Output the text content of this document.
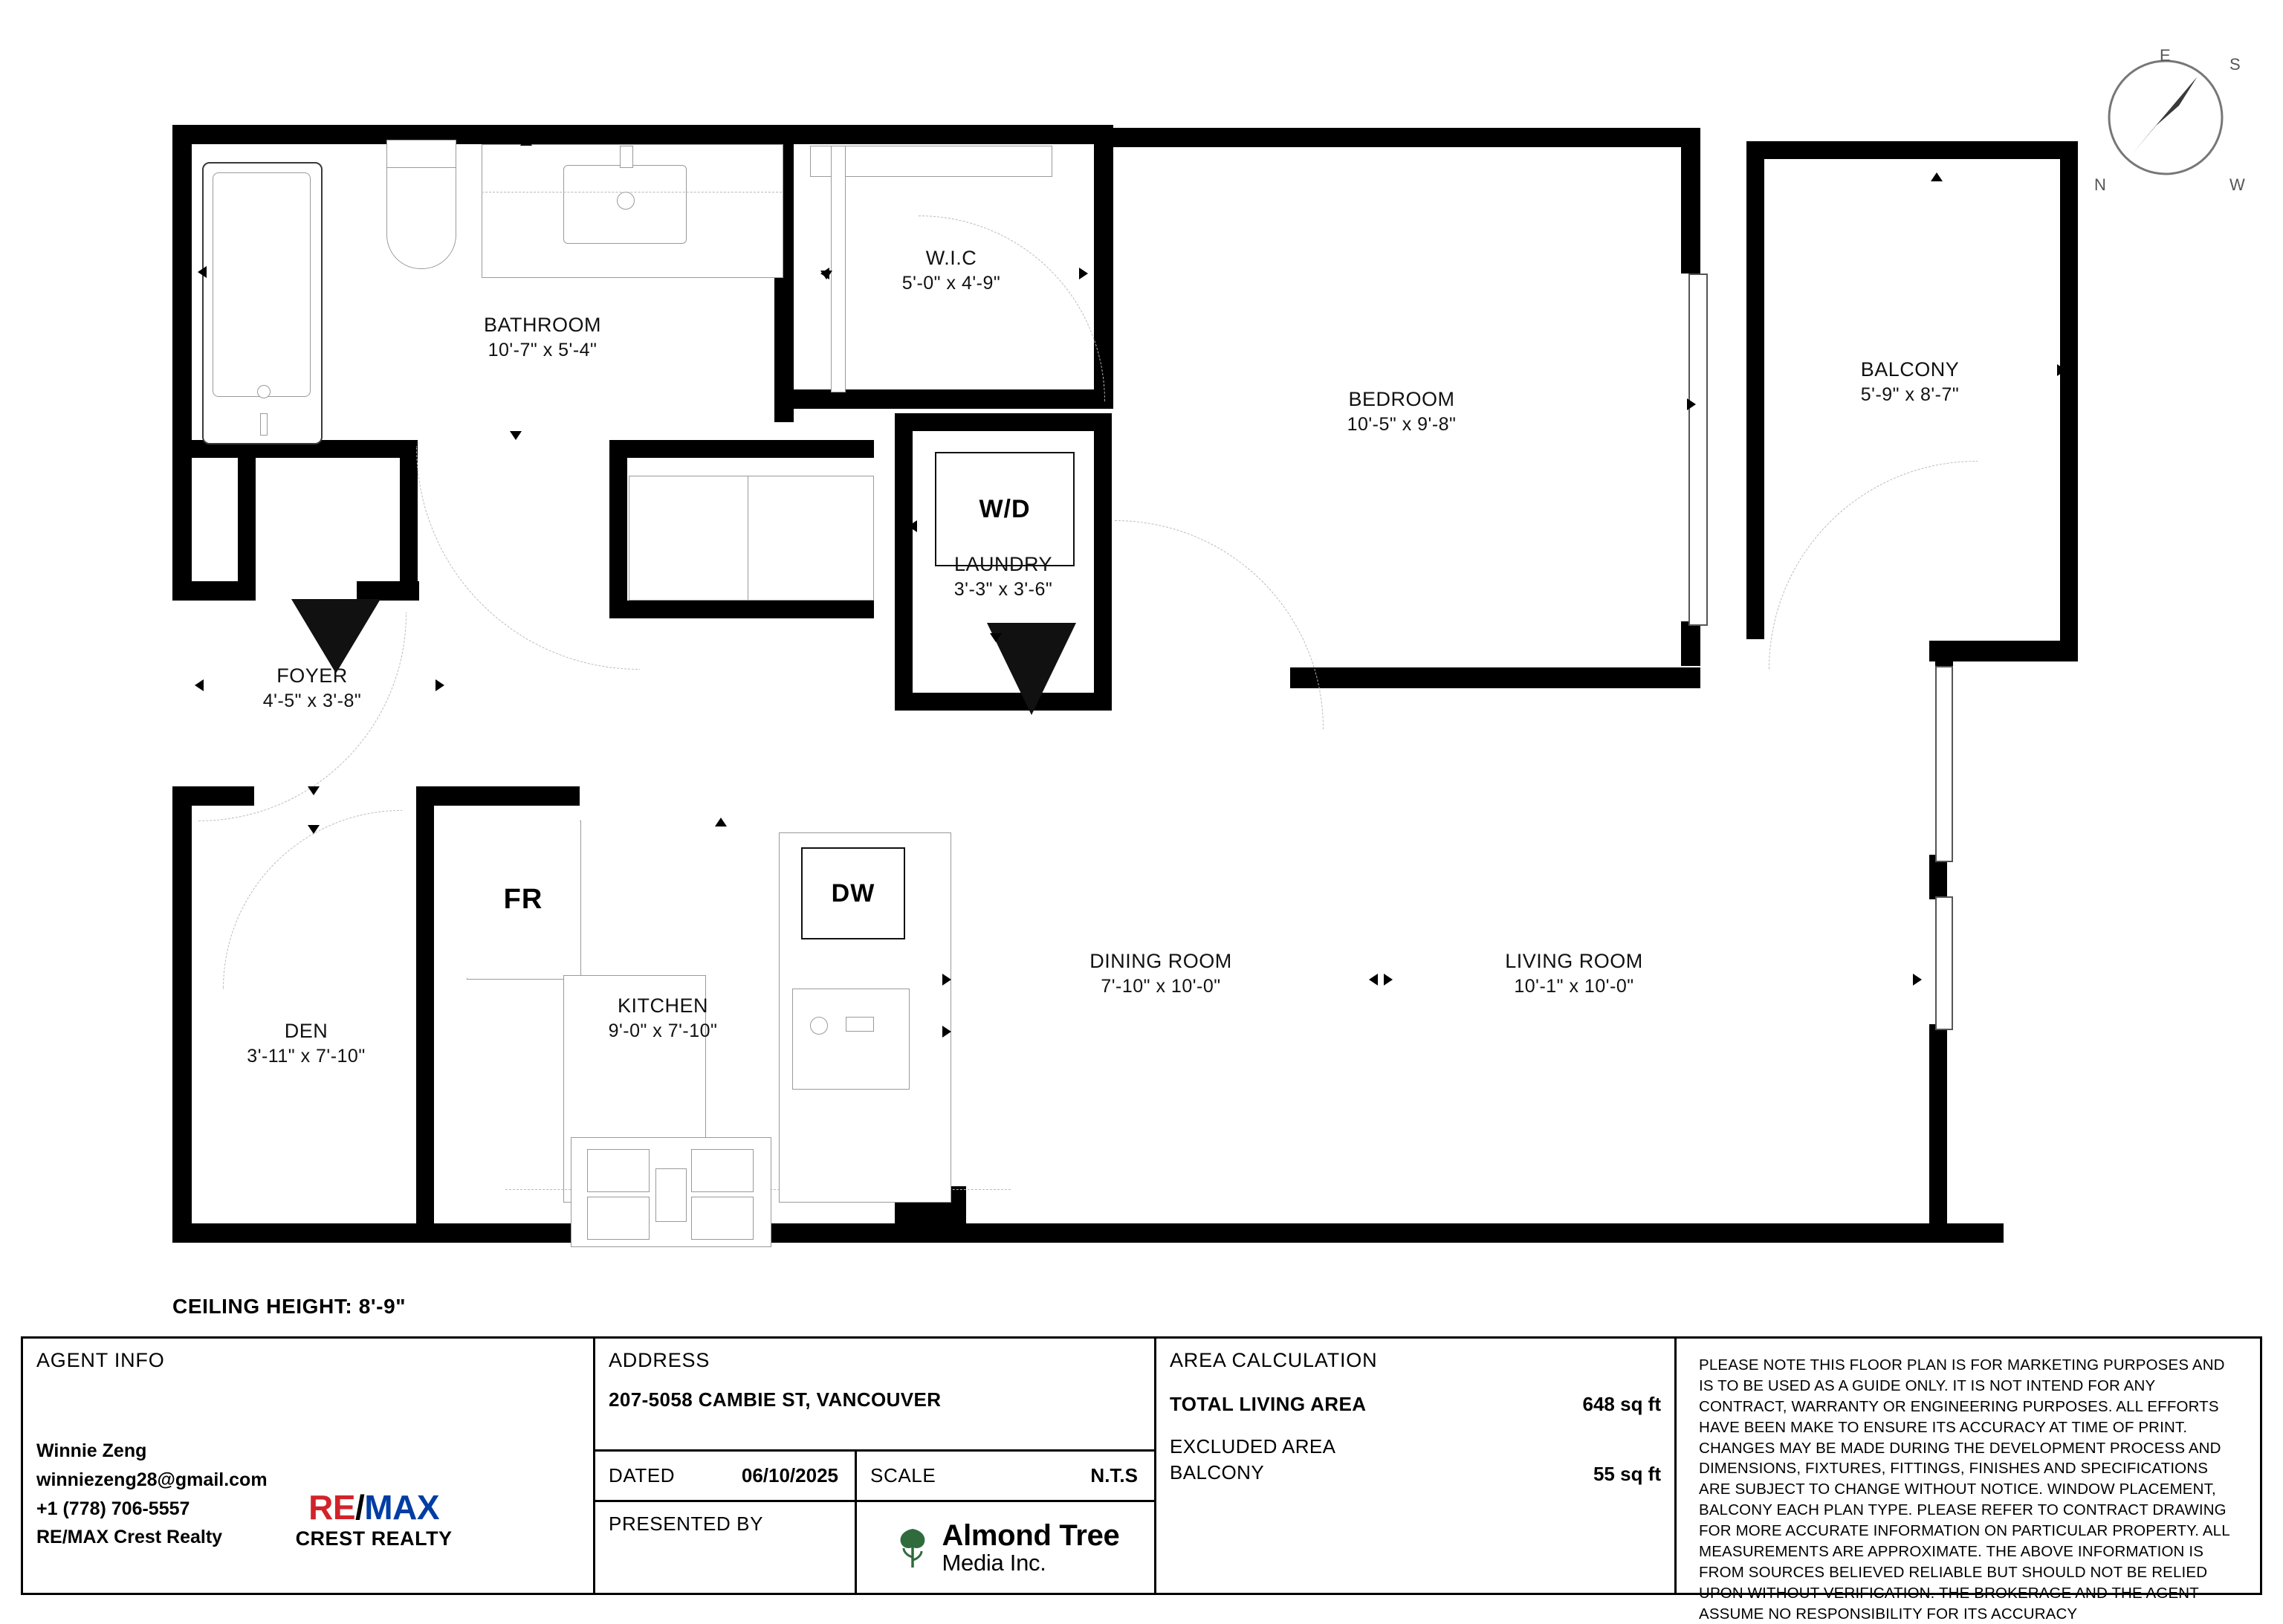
W/D
FR	DW
BATHROOM
10'-7" x 5'-4"
W.I.C
5'-0" x 4'-9"
BEDROOM
10'-5" x 9'-8"
BALCONY
5'-9" x 8'-7"
LAUNDRY
3'-3" x 3'-6"
FOYER
4'-5" x 3'-8"
DEN
3'-11" x 7'-10"
KITCHEN
9'-0" x 7'-10"
DINING ROOM
7'-10" x 10'-0"
LIVING ROOM
10'-1" x 10'-0"
CEILING HEIGHT: 8'-9"
E	S
N	W
AGENT INFO
Winnie Zeng
winniezeng28@gmail.com
+1 (778) 706-5557
RE/MAX Crest Realty
RE/MAX
CREST REALTY
ADDRESS
207-5058 CAMBIE ST, VANCOUVER
DATED	06/10/2025	SCALE	N.T.S
PRESENTED BY	Almond Tree
Media Inc.
AREA CALCULATION
TOTAL LIVING AREA	648 sq ft
EXCLUDED AREA
BALCONY	55 sq ft
PLEASE NOTE THIS FLOOR PLAN IS FOR MARKETING PURPOSES AND IS TO BE USED AS A GUIDE ONLY. IT IS NOT INTEND FOR ANY CONTRACT, WARRANTY OR ENGINEERING PURPOSES. ALL EFFORTS HAVE BEEN MAKE TO ENSURE ITS ACCURACY AT TIME OF PRINT. CHANGES MAY BE MADE DURING THE DEVELOPMENT PROCESS AND DIMENSIONS, FIXTURES, FITTINGS, FINISHES AND SPECIFICATIONS ARE SUBJECT TO CHANGE WITHOUT NOTICE. WINDOW PLACEMENT, BALCONY EACH PLAN TYPE. PLEASE REFER TO CONTRACT DRAWING FOR MORE ACCURATE INFORMATION ON PARTICULAR PROPERTY. ALL MEASUREMENTS ARE APPROXIMATE. THE ABOVE INFORMATION IS FROM SOURCES BELIEVED RELIABLE BUT SHOULD NOT BE RELIED UPON WITHOUT VERIFICATION. THE BROKERAGE AND THE AGENT ASSUME NO RESPONSIBILITY FOR ITS ACCURACY
